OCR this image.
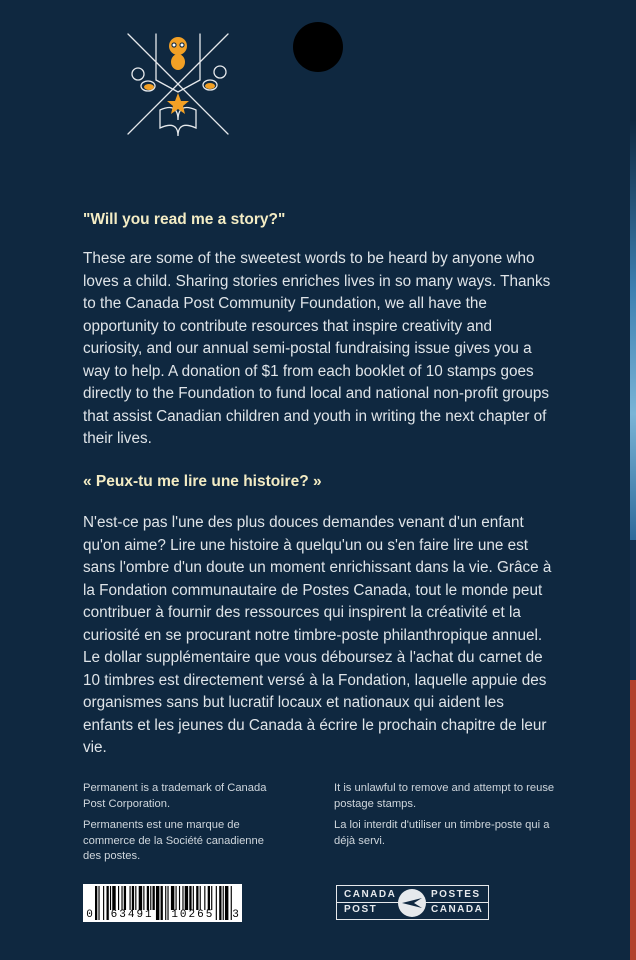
"Will you read me a story?"

These are some of the sweetest words to be heard by anyone who loves a child. Sharing stories enriches lives in so many ways. Thanks to the Canada Post Community Foundation, we all have the opportunity to contribute resources that inspire creativity and curiosity, and our annual semi-postal fundraising issue gives you a way to help. A donation of $1 from each booklet of 10 stamps goes directly to the Foundation to fund local and national non-profit groups that assist Canadian children and youth in writing the next chapter of their lives.

« Peux-tu me lire une histoire? »

N'est-ce pas l'une des plus douces demandes venant d'un enfant qu'on aime? Lire une histoire à quelqu'un ou s'en faire lire une est sans l'ombre d'un doute un moment enrichissant dans la vie. Grâce à la Fondation communautaire de Postes Canada, tout le monde peut contribuer à fournir des ressources qui inspirent la créativité et la curiosité en se procurant notre timbre-poste philanthropique annuel. Le dollar supplémentaire que vous déboursez à l'achat du carnet de 10 timbres est directement versé à la Fondation, laquelle appuie des organismes sans but lucratif locaux et nationaux qui aident les enfants et les jeunes du Canada à écrire le prochain chapitre de leur vie.

Permanent is a trademark of Canada Post Corporation.

Permanents est une marque de commerce de la Société canadienne des postes.

It is unlawful to remove and attempt to reuse postage stamps.

La loi interdit d'utiliser un timbre-poste qui a déjà servi.

0 63491 10265 3
CANADA
POST
POSTES
CANADA
